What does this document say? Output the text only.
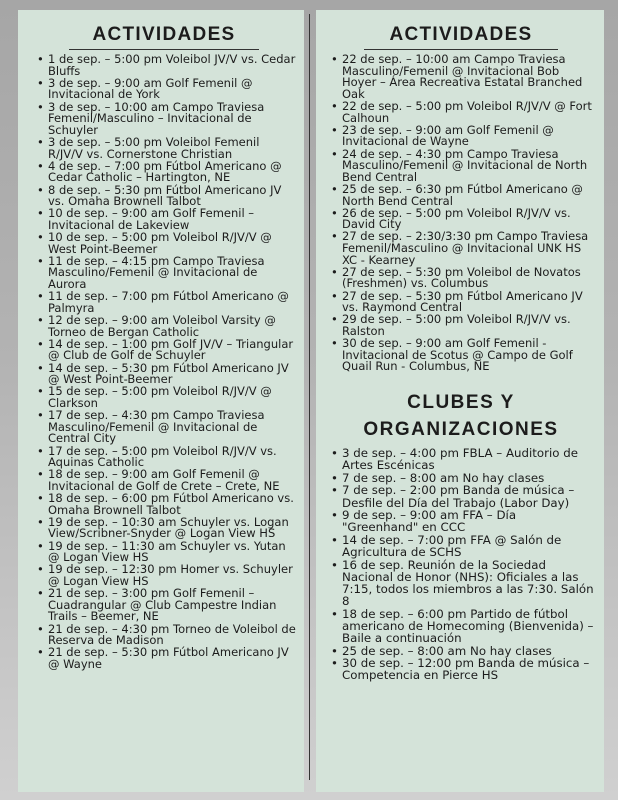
ACTIVIDADES
• 1 de sep. – 5:00 pm Voleibol JV/V vs. Cedar Bluffs
• 3 de sep. – 9:00 am Golf Femenil @ Invitacional de York
• 3 de sep. – 10:00 am Campo Traviesa Femenil/Masculino – Invitacional de Schuyler
• 3 de sep. – 5:00 pm Voleibol Femenil R/JV/V vs. Cornerstone Christian
• 4 de sep. – 7:00 pm Fútbol Americano @ Cedar Catholic – Hartington, NE
• 8 de sep. – 5:30 pm Fútbol Americano JV vs. Omaha Brownell Talbot
• 10 de sep. – 9:00 am Golf Femenil – Invitacional de Lakeview
• 10 de sep. – 5:00 pm Voleibol R/JV/V @ West Point-Beemer
• 11 de sep. – 4:15 pm Campo Traviesa Masculino/Femenil @ Invitacional de Aurora
• 11 de sep. – 7:00 pm Fútbol Americano @ Palmyra
• 12 de sep. – 9:00 am Voleibol Varsity @ Torneo de Bergan Catholic
• 14 de sep. – 1:00 pm Golf JV/V – Triangular @ Club de Golf de Schuyler
• 14 de sep. – 5:30 pm Fútbol Americano JV @ West Point-Beemer
• 15 de sep. – 5:00 pm Voleibol R/JV/V @ Clarkson
• 17 de sep. – 4:30 pm Campo Traviesa Masculino/Femenil @ Invitacional de Central City
• 17 de sep. – 5:00 pm Voleibol R/JV/V vs. Aquinas Catholic
• 18 de sep. – 9:00 am Golf Femenil @ Invitacional de Golf de Crete – Crete, NE
• 18 de sep. – 6:00 pm Fútbol Americano vs. Omaha Brownell Talbot
• 19 de sep. – 10:30 am Schuyler vs. Logan View/Scribner-Snyder @ Logan View HS
• 19 de sep. – 11:30 am Schuyler vs. Yutan @ Logan View HS
• 19 de sep. – 12:30 pm Homer vs. Schuyler @ Logan View HS
• 21 de sep. – 3:00 pm Golf Femenil – Cuadrangular @ Club Campestre Indian Trails – Beemer, NE
• 21 de sep. – 4:30 pm Torneo de Voleibol de Reserva de Madison
• 21 de sep. – 5:30 pm Fútbol Americano JV @ Wayne
ACTIVIDADES
• 22 de sep. – 10:00 am Campo Traviesa Masculino/Femenil @ Invitacional Bob Hoyer – Área Recreativa Estatal Branched Oak
• 22 de sep. – 5:00 pm Voleibol R/JV/V @ Fort Calhoun
• 23 de sep. – 9:00 am Golf Femenil @ Invitacional de Wayne
• 24 de sep. – 4:30 pm Campo Traviesa Masculino/Femenil @ Invitacional de North Bend Central
• 25 de sep. – 6:30 pm Fútbol Americano @ North Bend Central
• 26 de sep. – 5:00 pm Voleibol R/JV/V vs. David City
• 27 de sep. – 2:30/3:30 pm Campo Traviesa Femenil/Masculino @ Invitacional UNK HS XC - Kearney
• 27 de sep. – 5:30 pm Voleibol de Novatos (Freshmen) vs. Columbus
• 27 de sep. – 5:30 pm Fútbol Americano JV vs. Raymond Central
• 29 de sep. – 5:00 pm Voleibol R/JV/V vs. Ralston
• 30 de sep. – 9:00 am Golf Femenil - Invitacional de Scotus @ Campo de Golf Quail Run - Columbus, NE
CLUBES Y
ORGANIZACIONES
• 3 de sep. – 4:00 pm FBLA – Auditorio de Artes Escénicas
• 7 de sep. – 8:00 am No hay clases
• 7 de sep. – 2:00 pm Banda de música – Desfile del Día del Trabajo (Labor Day)
• 9 de sep. – 9:00 am FFA – Día "Greenhand" en CCC
• 14 de sep. – 7:00 pm FFA @ Salón de Agricultura de SCHS
• 16 de sep. Reunión de la Sociedad Nacional de Honor (NHS): Oficiales a las 7:15, todos los miembros a las 7:30. Salón 8
• 18 de sep. – 6:00 pm Partido de fútbol americano de Homecoming (Bienvenida) – Baile a continuación
• 25 de sep. – 8:00 am No hay clases
• 30 de sep. – 12:00 pm Banda de música – Competencia en Pierce HS
